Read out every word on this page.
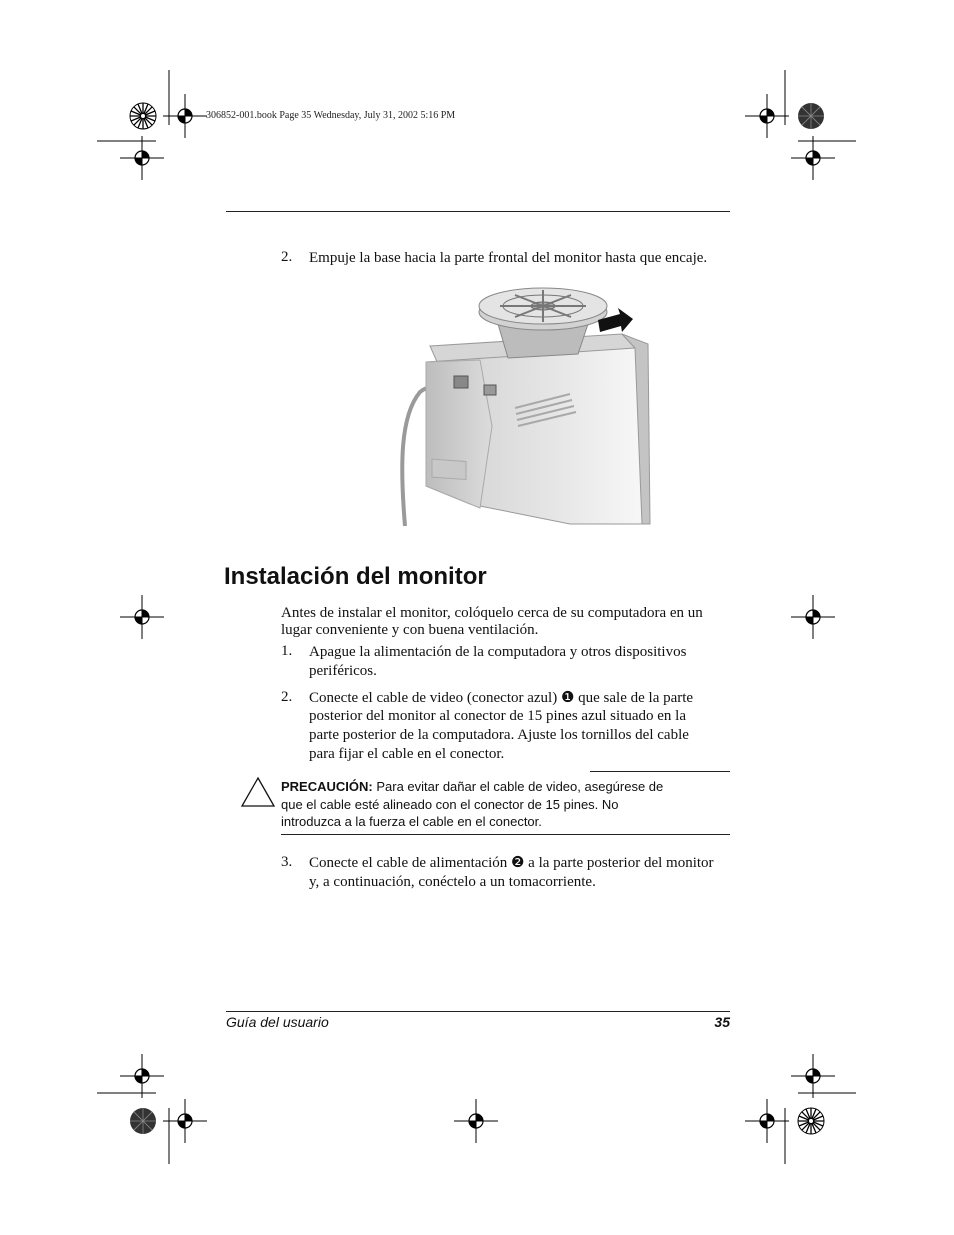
306852-001.book Page 35 Wednesday, July 31, 2002 5:16 PM
2. Empuje la base hacia la parte frontal del monitor hasta que encaje.
Instalación del monitor
Antes de instalar el monitor, colóquelo cerca de su computadora en un
lugar conveniente y con buena ventilación.
1. Apague la alimentación de la computadora y otros dispositivos
periféricos.
2. Conecte el cable de video (conector azul) ❶ que sale de la parte
posterior del monitor al conector de 15 pines azul situado en la
parte posterior de la computadora. Ajuste los tornillos del cable
para fijar el cable en el conector.
PRECAUCIÓN: Para evitar dañar el cable de video, asegúrese de
que el cable esté alineado con el conector de 15 pines. No
introduzca a la fuerza el cable en el conector.
3. Conecte el cable de alimentación ❷ a la parte posterior del monitor
y, a continuación, conéctelo a un tomacorriente.
Guía del usuario	35
